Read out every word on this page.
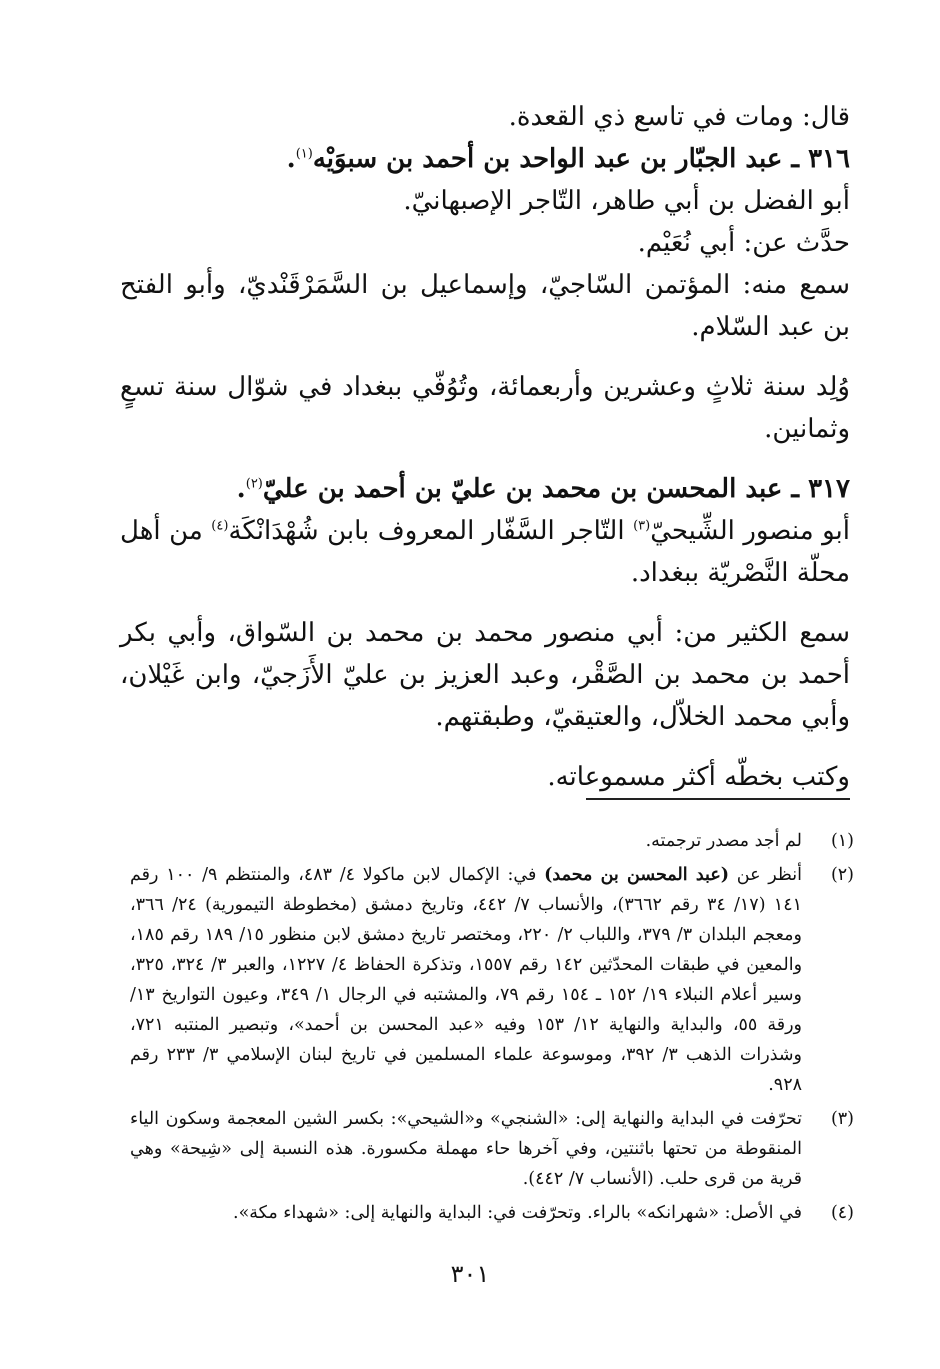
قال: ومات في تاسع ذي القعدة.

٣١٦ ـ عبد الجبّار بن عبد الواحد بن أحمد بن سبوَيْه$^{(١)}$.

أبو الفضل بن أبي طاهر، التّاجر الإصبهانيّ.

حدَّث عن: أبي نُعَيْم.

سمع منه: المؤتمن السّاجيّ، وإسماعيل بن السَّمَرْقَنْديّ، وأبو الفتح بن عبد السّلام.

وُلِد سنة ثلاثٍ وعشرين وأربعمائة، وتُوُفّي ببغداد في شوّال سنة تسعٍ وثمانين.

٣١٧ ـ عبد المحسن بن محمد بن عليّ بن أحمد بن عليّ$^{(٢)}$.

أبو منصور الشِّيحيّ$^{(٣)}$ التّاجر السَّفّار المعروف بابن شُهْدَانْكَة$^{(٤)}$ من أهل محلّة النَّصْريّة ببغداد.

سمع الكثير من: أبي منصور محمد بن محمد بن السّواق، وأبي بكر أحمد بن محمد بن الصَّقْر، وعبد العزيز بن عليّ الأَزَجيّ، وابن غَيْلان، وأبي محمد الخلاّل، والعتيقيّ، وطبقتهم.

وكتب بخطّه أكثر مسموعاته.

(١)
لم أجد مصدر ترجمته.
(٢)
أنظر عن (عبد المحسن بن محمد) في: الإكمال لابن ماكولا ٤/ ٤٨٣، والمنتظم ٩/ ١٠٠ رقم ١٤١ (١٧/ ٣٤ رقم ٣٦٦٢)، والأنساب ٧/ ٤٤٢، وتاريخ دمشق (مخطوطة التيمورية) ٢٤/ ٣٦٦، ومعجم البلدان ٣/ ٣٧٩، واللباب ٢/ ٢٢٠، ومختصر تاريخ دمشق لابن منظور ١٥/ ١٨٩ رقم ١٨٥، والمعين في طبقات المحدّثين ١٤٢ رقم ١٥٥٧، وتذكرة الحفاظ ٤/ ١٢٢٧، والعبر ٣/ ٣٢٤، ٣٢٥، وسير أعلام النبلاء ١٩/ ١٥٢ ـ ١٥٤ رقم ٧٩، والمشتبه في الرجال ١/ ٣٤٩، وعيون التواريخ ١٣/ ورقة ٥٥، والبداية والنهاية ١٢/ ١٥٣ وفيه «عبد المحسن بن أحمد»، وتبصير المنتبه ٧٢١، وشذرات الذهب ٣/ ٣٩٢، وموسوعة علماء المسلمين في تاريخ لبنان الإسلامي ٣/ ٢٣٣ رقم ٩٢٨.
(٣)
تحرّفت في البداية والنهاية إلى: «الشنجي» و«الشيحي»: بكسر الشين المعجمة وسكون الياء المنقوطة من تحتها باثنتين، وفي آخرها حاء مهملة مكسورة. هذه النسبة إلى «شِيحة» وهي قرية من قرى حلب. (الأنساب ٧/ ٤٤٢).
(٤)
في الأصل: «شهرانكه» بالراء. وتحرّفت في: البداية والنهاية إلى: «شهداء مكة».
٣٠١
